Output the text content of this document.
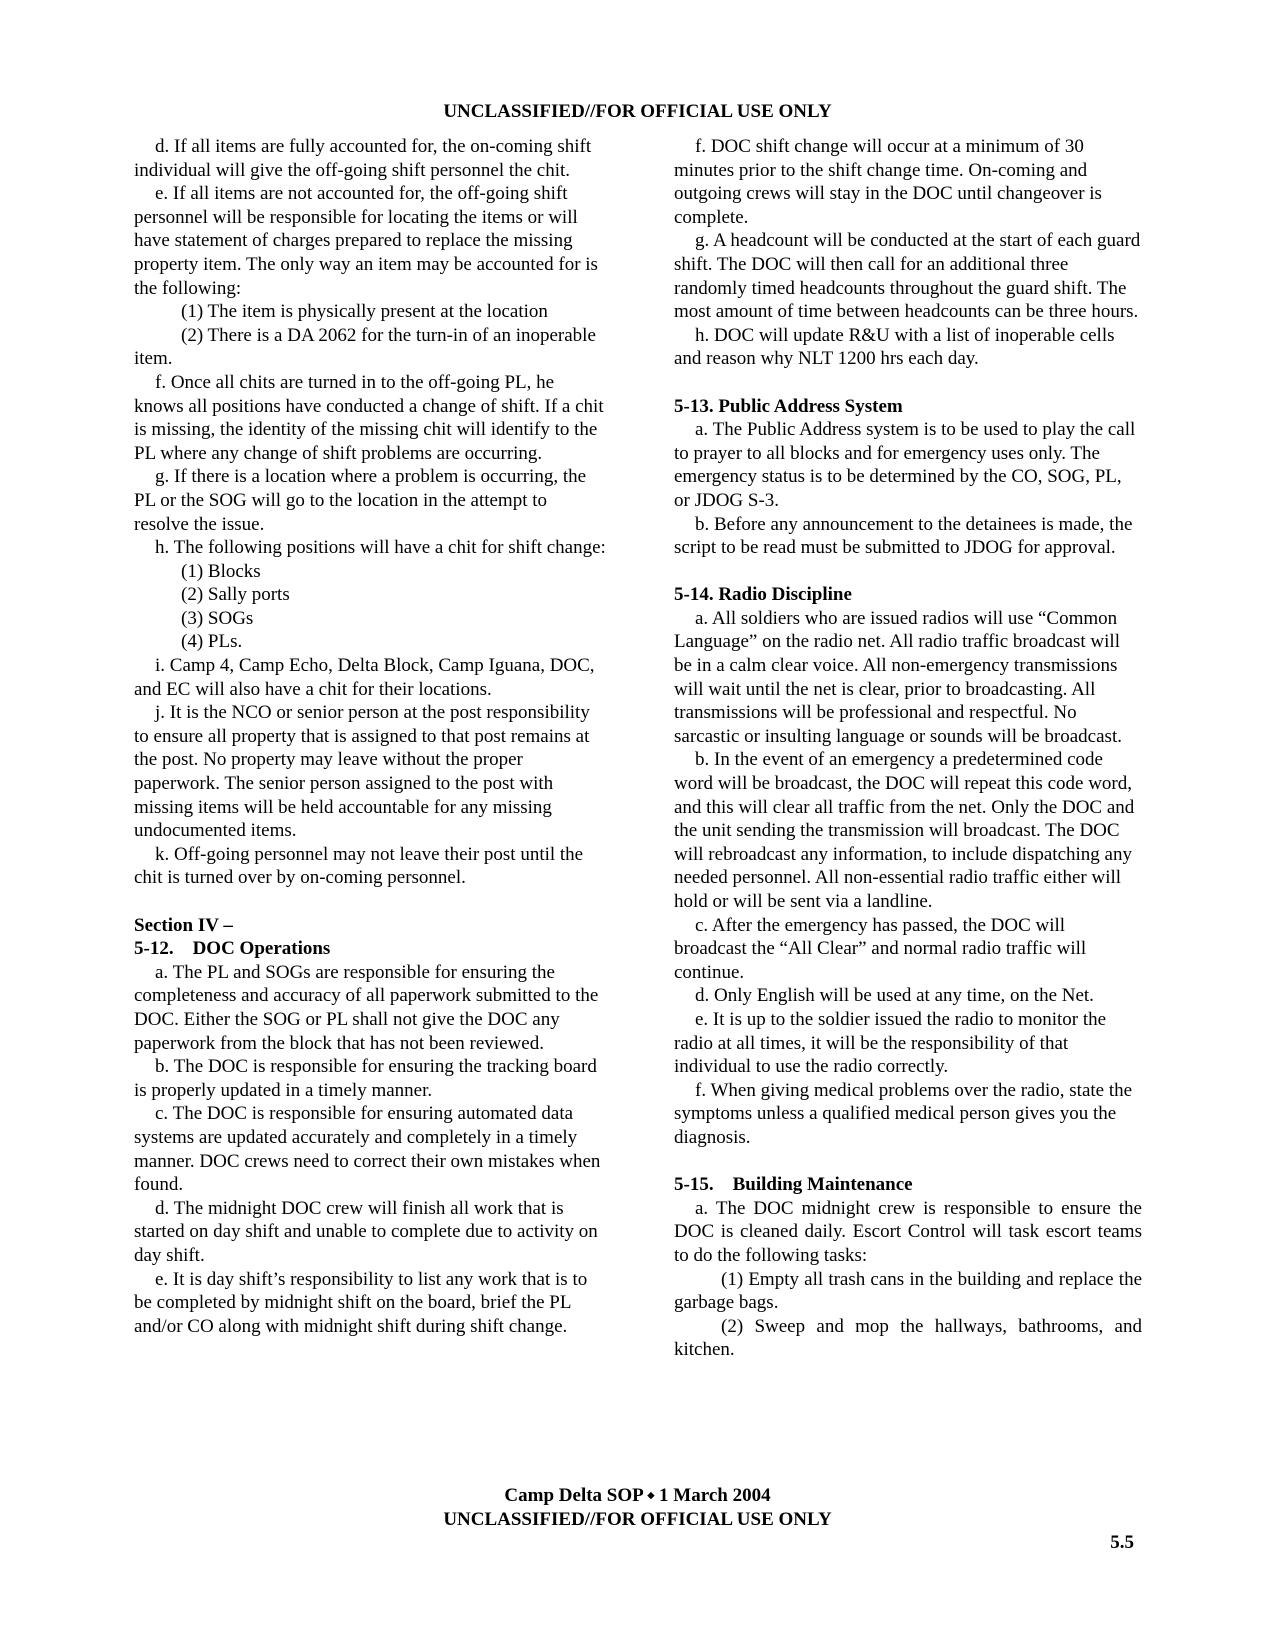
UNCLASSIFIED//FOR OFFICIAL USE ONLY

d. If all items are fully accounted for, the on-coming shift individual will give the off-going shift personnel the chit.

e. If all items are not accounted for, the off-going shift personnel will be responsible for locating the items or will have statement of charges prepared to replace the missing property item. The only way an item may be accounted for is the following:

(1) The item is physically present at the location

(2) There is a DA 2062 for the turn-in of an inoperable item.

f. Once all chits are turned in to the off-going PL, he knows all positions have conducted a change of shift. If a chit is missing, the identity of the missing chit will identify to the PL where any change of shift problems are occurring.

g. If there is a location where a problem is occurring, the PL or the SOG will go to the location in the attempt to resolve the issue.

h. The following positions will have a chit for shift change:

(1) Blocks

(2) Sally ports

(3) SOGs

(4) PLs.

i. Camp 4, Camp Echo, Delta Block, Camp Iguana, DOC, and EC will also have a chit for their locations.

j. It is the NCO or senior person at the post responsibility to ensure all property that is assigned to that post remains at the post. No property may leave without the proper paperwork. The senior person assigned to the post with missing items will be held accountable for any missing undocumented items.

k. Off-going personnel may not leave their post until the chit is turned over by on-coming personnel.

Section IV –

5-12.    DOC Operations

a. The PL and SOGs are responsible for ensuring the completeness and accuracy of all paperwork submitted to the DOC. Either the SOG or PL shall not give the DOC any paperwork from the block that has not been reviewed.

b. The DOC is responsible for ensuring the tracking board is properly updated in a timely manner.

c. The DOC is responsible for ensuring automated data systems are updated accurately and completely in a timely manner. DOC crews need to correct their own mistakes when found.

d. The midnight DOC crew will finish all work that is started on day shift and unable to complete due to activity on day shift.

e. It is day shift’s responsibility to list any work that is to be completed by midnight shift on the board, brief the PL and/or CO along with midnight shift during shift change.

f. DOC shift change will occur at a minimum of 30 minutes prior to the shift change time. On-coming and outgoing crews will stay in the DOC until changeover is complete.

g. A headcount will be conducted at the start of each guard shift. The DOC will then call for an additional three randomly timed headcounts throughout the guard shift. The most amount of time between headcounts can be three hours.

h. DOC will update R&U with a list of inoperable cells and reason why NLT 1200 hrs each day.

5-13. Public Address System

a. The Public Address system is to be used to play the call to prayer to all blocks and for emergency uses only. The emergency status is to be determined by the CO, SOG, PL, or JDOG S-3.

b. Before any announcement to the detainees is made, the script to be read must be submitted to JDOG for approval.

5-14. Radio Discipline

a. All soldiers who are issued radios will use “Common Language” on the radio net. All radio traffic broadcast will be in a calm clear voice. All non-emergency transmissions will wait until the net is clear, prior to broadcasting. All transmissions will be professional and respectful. No sarcastic or insulting language or sounds will be broadcast.

b. In the event of an emergency a predetermined code word will be broadcast, the DOC will repeat this code word, and this will clear all traffic from the net. Only the DOC and the unit sending the transmission will broadcast. The DOC will rebroadcast any information, to include dispatching any needed personnel. All non-essential radio traffic either will hold or will be sent via a landline.

c. After the emergency has passed, the DOC will broadcast the “All Clear” and normal radio traffic will continue.

d. Only English will be used at any time, on the Net.

e. It is up to the soldier issued the radio to monitor the radio at all times, it will be the responsibility of that individual to use the radio correctly.

f. When giving medical problems over the radio, state the symptoms unless a qualified medical person gives you the diagnosis.

5-15.    Building Maintenance

a. The DOC midnight crew is responsible to ensure the DOC is cleaned daily. Escort Control will task escort teams to do the following tasks:

(1) Empty all trash cans in the building and replace the garbage bags.

(2) Sweep and mop the hallways, bathrooms, and kitchen.

Camp Delta SOP ⬩ 1 March 2004
UNCLASSIFIED//FOR OFFICIAL USE ONLY
5.5
